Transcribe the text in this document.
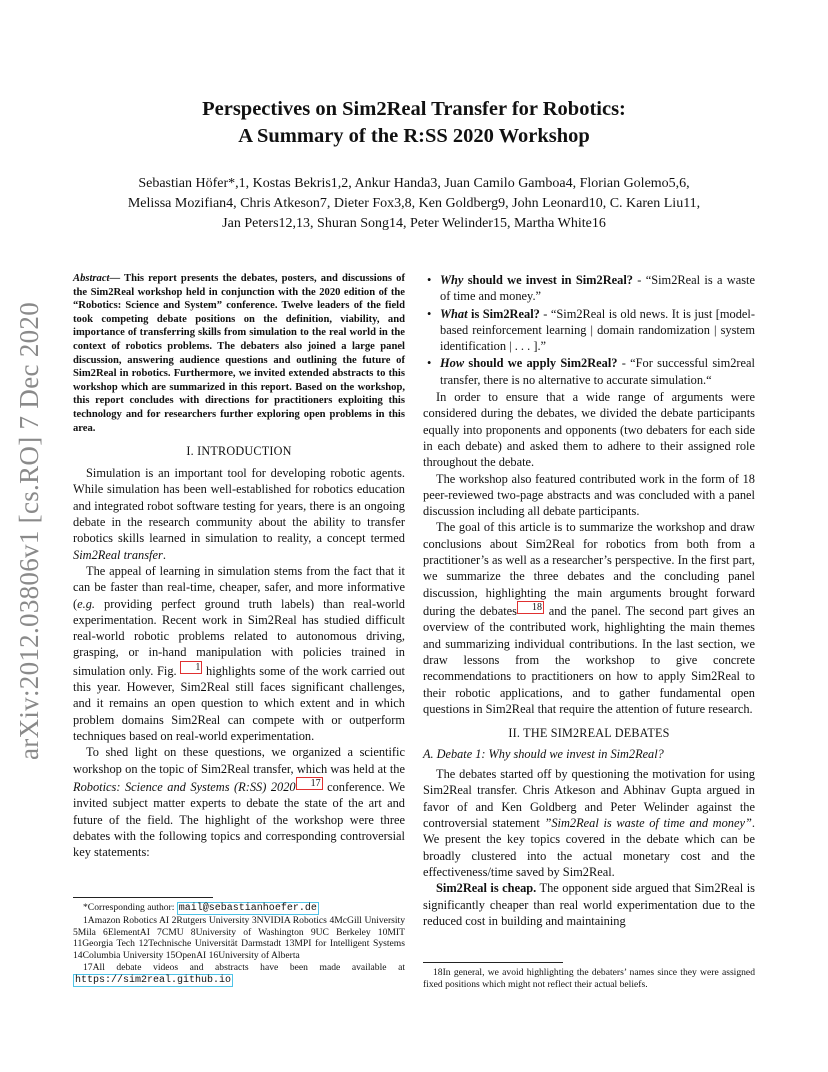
arXiv:2012.03806v1 [cs.RO] 7 Dec 2020
Perspectives on Sim2Real Transfer for Robotics:
A Summary of the R:SS 2020 Workshop
Sebastian Höfer*,1, Kostas Bekris1,2, Ankur Handa3, Juan Camilo Gamboa4, Florian Golemo5,6,
Melissa Mozifian4, Chris Atkeson7, Dieter Fox3,8, Ken Goldberg9, John Leonard10, C. Karen Liu11,
Jan Peters12,13, Shuran Song14, Peter Welinder15, Martha White16
Abstract— This report presents the debates, posters, and discussions of the Sim2Real workshop held in conjunction with the 2020 edition of the “Robotics: Science and System” conference. Twelve leaders of the field took competing debate positions on the definition, viability, and importance of transferring skills from simulation to the real world in the context of robotics problems. The debaters also joined a large panel discussion, answering audience questions and outlining the future of Sim2Real in robotics. Furthermore, we invited extended abstracts to this workshop which are summarized in this report. Based on the workshop, this report concludes with directions for practitioners exploiting this technology and for researchers further exploring open problems in this area.
I. INTRODUCTION

Simulation is an important tool for developing robotic agents. While simulation has been well-established for robotics education and integrated robot software testing for years, there is an ongoing debate in the research community about the ability to transfer robotics skills learned in simulation to reality, a concept termed Sim2Real transfer.

The appeal of learning in simulation stems from the fact that it can be faster than real-time, cheaper, safer, and more informative (e.g. providing perfect ground truth labels) than real-world experimentation. Recent work in Sim2Real has studied difficult real-world robotic problems related to autonomous driving, grasping, or in-hand manipulation with policies trained in simulation only. Fig. 1 highlights some of the work carried out this year. However, Sim2Real still faces significant challenges, and it remains an open question to which extent and in which problem domains Sim2Real can compete with or outperform techniques based on real-world experimentation.

To shed light on these questions, we organized a scientific workshop on the topic of Sim2Real transfer, which was held at the Robotics: Science and Systems (R:SS) 2020 17 conference. We invited subject matter experts to debate the state of the art and future of the field. The highlight of the workshop were three debates with the following topics and corresponding controversial key statements:

*Corresponding author: mail@sebastianhoefer.de

1Amazon Robotics AI 2Rutgers University 3NVIDIA Robotics 4McGill University 5Mila 6ElementAI 7CMU 8University of Washington 9UC Berkeley 10MIT 11Georgia Tech 12Technische Universität Darmstadt 13MPI for Intelligent Systems 14Columbia University 15OpenAI 16University of Alberta

17All debate videos and abstracts have been made available at https://sim2real.github.io

• Why should we invest in Sim2Real? - “Sim2Real is a waste of time and money.”
• What is Sim2Real? - “Sim2Real is old news. It is just [model-based reinforcement learning | domain randomization | system identification | . . . ].”
• How should we apply Sim2Real? - “For successful sim2real transfer, there is no alternative to accurate simulation.“

In order to ensure that a wide range of arguments were considered during the debates, we divided the debate participants equally into proponents and opponents (two debaters for each side in each debate) and asked them to adhere to their assigned role throughout the debate.

The workshop also featured contributed work in the form of 18 peer-reviewed two-page abstracts and was concluded with a panel discussion including all debate participants.

The goal of this article is to summarize the workshop and draw conclusions about Sim2Real for robotics from both from a practitioner’s as well as a researcher’s perspective. In the first part, we summarize the three debates and the concluding panel discussion, highlighting the main arguments brought forward during the debates 18 and the panel. The second part gives an overview of the contributed work, highlighting the main themes and summarizing individual contributions. In the last section, we draw lessons from the workshop to give concrete recommendations to practitioners on how to apply Sim2Real to their robotic applications, and to gather fundamental open questions in Sim2Real that require the attention of future research.

II. THE SIM2REAL DEBATES
A. Debate 1: Why should we invest in Sim2Real?

The debates started off by questioning the motivation for using Sim2Real transfer. Chris Atkeson and Abhinav Gupta argued in favor of and Ken Goldberg and Peter Welinder against the controversial statement ”Sim2Real is waste of time and money”. We present the key topics covered in the debate which can be broadly clustered into the actual monetary cost and the effectiveness/time saved by Sim2Real.

Sim2Real is cheap. The opponent side argued that Sim2Real is significantly cheaper than real world experimentation due to the reduced cost in building and maintaining

18In general, we avoid highlighting the debaters’ names since they were assigned fixed positions which might not reflect their actual beliefs.
